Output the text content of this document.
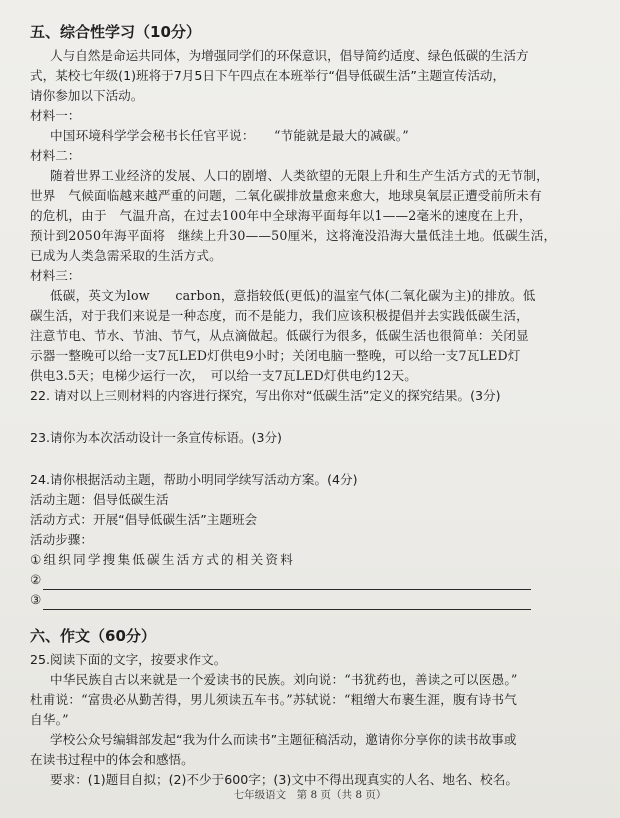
五、综合性学习（10分）

人与自然是命运共同体，为增强同学们的环保意识，倡导简约适度、绿色低碳的生活方

式，某校七年级(1)班将于7月5日下午四点在本班举行“倡导低碳生活”主题宣传活动，

请你参加以下活动。

材料一：

中国环境科学学会秘书长任官平说：　　“节能就是最大的减碳。”

材料二：

随着世界工业经济的发展、人口的剧增、人类欲望的无限上升和生产生活方式的无节制，

世界　气候面临越来越严重的问题，二氧化碳排放量愈来愈大，地球臭氧层正遭受前所未有

的危机，由于　气温升高，在过去100年中全球海平面每年以1——2毫米的速度在上升，

预计到2050年海平面将　继续上升30——50厘米，这将淹没沿海大量低洼土地。低碳生活，

已成为人类急需采取的生活方式。

材料三：

低碳，英文为low　　carbon，意指较低(更低)的温室气体(二氧化碳为主)的排放。低

碳生活，对于我们来说是一种态度，而不是能力，我们应该积极提倡并去实践低碳生活，

注意节电、节水、节油、节气，从点滴做起。低碳行为很多，低碳生活也很简单：关闭显

示器一整晚可以给一支7瓦LED灯供电9小时；关闭电脑一整晚，可以给一支7瓦LED灯

供电3.5天；电梯少运行一次，　可以给一支7瓦LED灯供电约12天。

22. 请对以上三则材料的内容进行探究，写出你对“低碳生活”定义的探究结果。(3分)

23.请你为本次活动设计一条宣传标语。(3分)

24.请你根据活动主题，帮助小明同学续写活动方案。(4分)

活动主题：倡导低碳生活

活动方式：开展“倡导低碳生活”主题班会

活动步骤：

①组织同学搜集低碳生活方式的相关资料

②

③

六、作文（60分）

25.阅读下面的文字，按要求作文。

中华民族自古以来就是一个爱读书的民族。刘向说：“书犹药也，善读之可以医愚。”

杜甫说：“富贵必从勤苦得，男儿须读五车书。”苏轼说：“粗缯大布裹生涯，腹有诗书气

自华。”

学校公众号编辑部发起“我为什么而读书”主题征稿活动，邀请你分享你的读书故事或

在读书过程中的体会和感悟。

要求：(1)题目自拟；(2)不少于600字；(3)文中不得出现真实的人名、地名、校名。

七年级语文　第 8 页（共 8 页）
